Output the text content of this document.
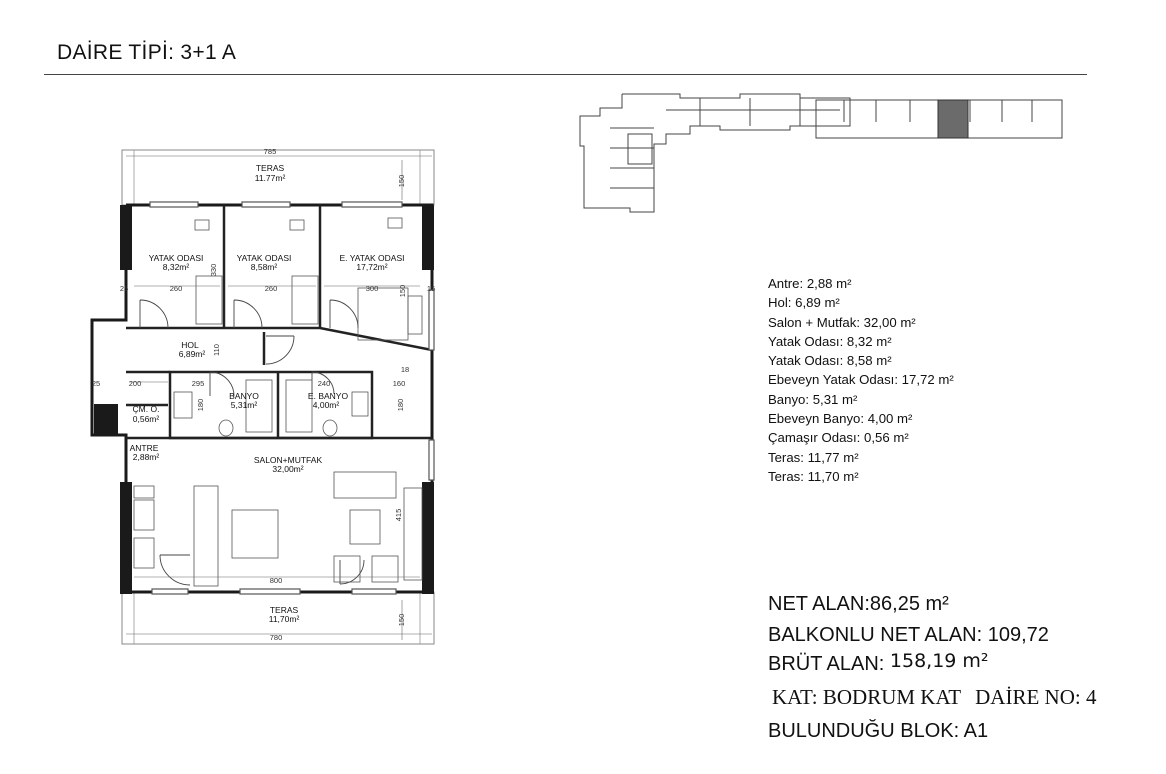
DAİRE TİPİ: 3+1 A
TERAS
11.77m²
YATAK ODASI
8,32m²
YATAK ODASI
8,58m²
E. YATAK ODASI
17,72m²
HOL
6,89m²
BANYO
5,31m²
E. BANYO
4,00m²
ÇM. O.
0,56m²
ANTRE
2,88m²	SALON+MUTFAK
32,00m²
TERAS
11,70m²
785
150
330
260	260	300	150
25
110
200	295	240	160
180	180
25
415
800
780
150
18
15	Antre: 2,88 m²
Hol: 6,89 m²
Salon + Mutfak: 32,00 m²
Yatak Odası: 8,32 m²
Yatak Odası: 8,58 m²
Ebeveyn Yatak Odası: 17,72 m²
Banyo: 5,31 m²
Ebeveyn Banyo: 4,00 m²
Çamaşır Odası: 0,56 m²
Teras: 11,77 m²
Teras: 11,70 m²
NET ALAN:86,25 m²
BALKONLU NET ALAN: 109,72
BRÜT ALAN: 158,19 m²
KAT: BODRUM KAT DAİRE NO: 4
BULUNDUĞU BLOK: A1
